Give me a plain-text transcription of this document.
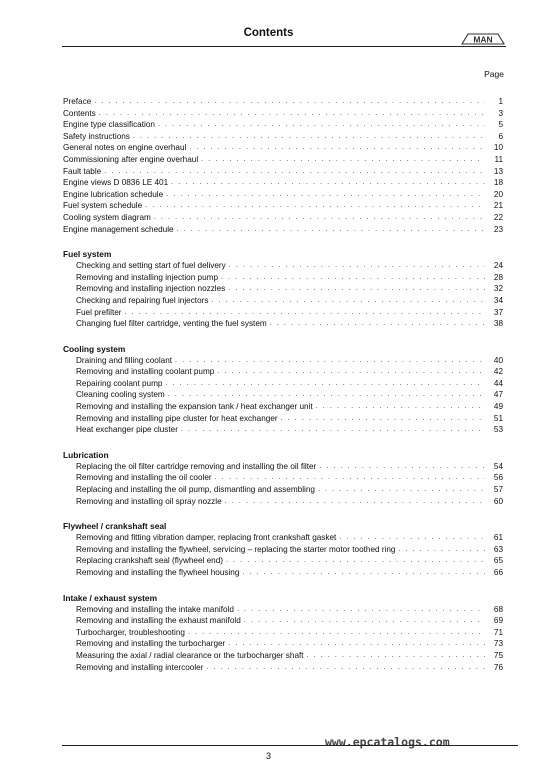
Contents
MAN
Page
Preface . . .	1
Contents . . .	3
Engine type classification . . .	5
Safety instructions . . .	6
General notes on engine overhaul . . .	10
Commissioning after engine overhaul . . .	11
Fault table . . .	13
Engine views D 0836 LE 401 . . .	18
Engine lubrication schedule . . .	20
Fuel system schedule . . .	21
Cooling system diagram . . .	22
Engine management schedule . . .	23
Fuel system
Checking and setting start of fuel delivery . . .	24
Removing and installing injection pump . . .	28
Removing and installing injection nozzles . . .	32
Checking and repairing fuel injectors . . .	34
Fuel prefilter . . .	37
Changing fuel filter cartridge, venting the fuel system . . .	38
Cooling system
Draining and filling coolant . . .	40
Removing and installing coolant pump . . .	42
Repairing coolant pump . . .	44
Cleaning cooling system . . .	47
Removing and installing the expansion tank / heat exchanger unit . . .	49
Removing and installing pipe cluster for heat exchanger . . .	51
Heat exchanger pipe cluster . . .	53
Lubrication
Replacing the oil filter cartridge removing and installing the oil filter . . .	54
Removing and installing the oil cooler . . .	56
Replacing and installing the oil pump, dismantling and assembling . . .	57
Removing and installing oil spray nozzle . . .	60
Flywheel / crankshaft seal
Removing and fitting vibration damper, replacing front crankshaft gasket . . .	61
Removing and installing the flywheel, servicing – replacing the starter motor toothed ring . . .	63
Replacing crankshaft seal (flywheel end) . . .	65
Removing and installing the flywheel housing . . .	66
Intake / exhaust system
Removing and installing the intake manifold . . .	68
Removing and installing the exhaust manifold . . .	69
Turbocharger, troubleshooting . . .	71
Removing and installing the turbocharger . . .	73
Measuring the axial / radial clearance or the turbocharger shaft . . .	75
Removing and installing intercooler . . .	76
www.epcatalogs.com
3
